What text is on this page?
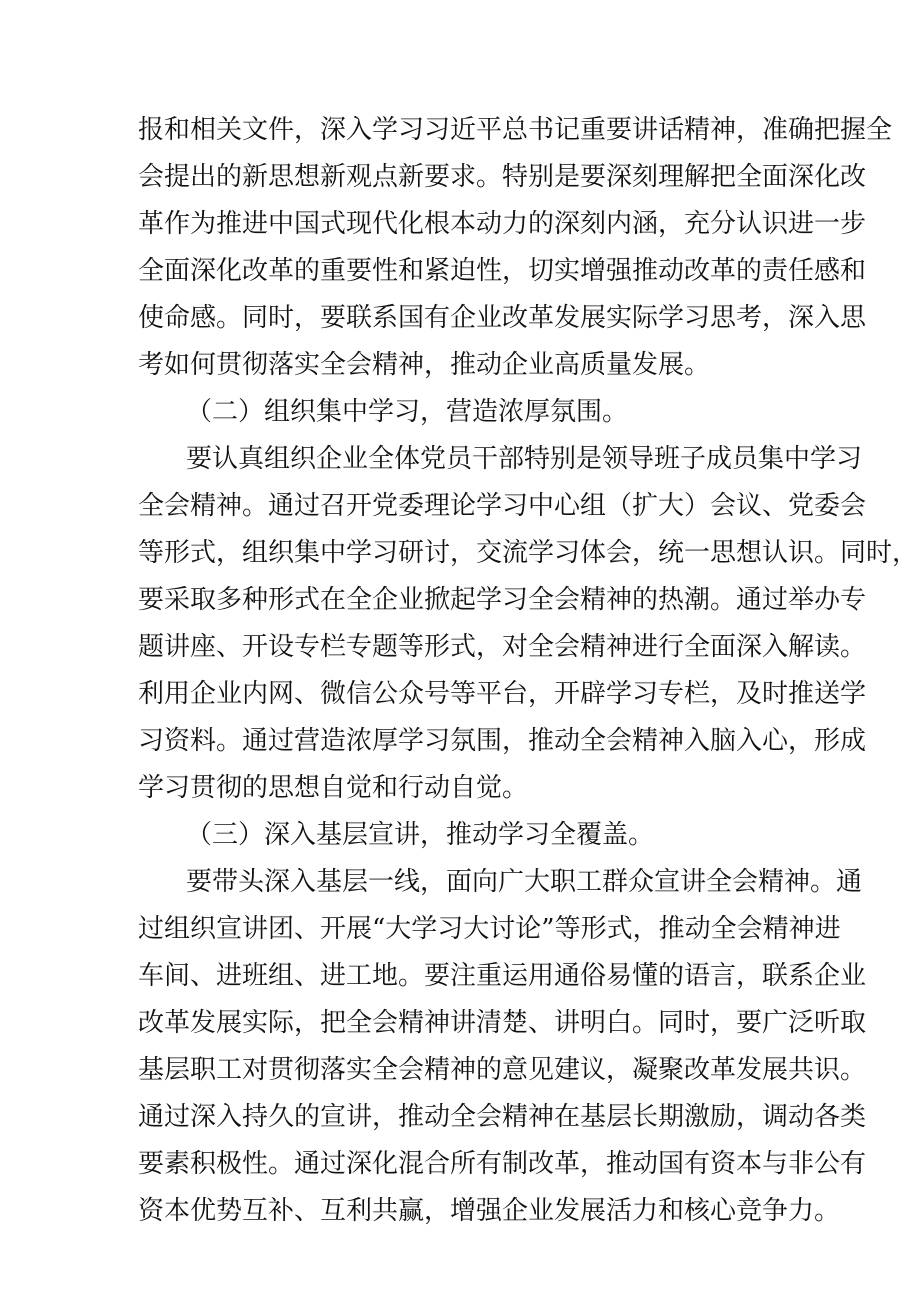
报和相关文件，深入学习习近平总书记重要讲话精神，准确把握全
会提出的新思想新观点新要求。特别是要深刻理解把全面深化改
革作为推进中国式现代化根本动力的深刻内涵，充分认识进一步
全面深化改革的重要性和紧迫性，切实增强推动改革的责任感和
使命感。同时，要联系国有企业改革发展实际学习思考，深入思
考如何贯彻落实全会精神，推动企业高质量发展。
（二）组织集中学习，营造浓厚氛围。
要认真组织企业全体党员干部特别是领导班子成员集中学习
全会精神。通过召开党委理论学习中心组（扩大）会议、党委会
等形式，组织集中学习研讨，交流学习体会，统一思想认识。同时，
要采取多种形式在全企业掀起学习全会精神的热潮。通过举办专
题讲座、开设专栏专题等形式，对全会精神进行全面深入解读。
利用企业内网、微信公众号等平台，开辟学习专栏，及时推送学
习资料。通过营造浓厚学习氛围，推动全会精神入脑入心，形成
学习贯彻的思想自觉和行动自觉。
（三）深入基层宣讲，推动学习全覆盖。
要带头深入基层一线，面向广大职工群众宣讲全会精神。通
过组织宣讲团、开展“大学习大讨论”等形式，推动全会精神进
车间、进班组、进工地。要注重运用通俗易懂的语言，联系企业
改革发展实际，把全会精神讲清楚、讲明白。同时，要广泛听取
基层职工对贯彻落实全会精神的意见建议，凝聚改革发展共识。
通过深入持久的宣讲，推动全会精神在基层长期激励，调动各类
要素积极性。通过深化混合所有制改革，推动国有资本与非公有
资本优势互补、互利共赢，增强企业发展活力和核心竞争力。
